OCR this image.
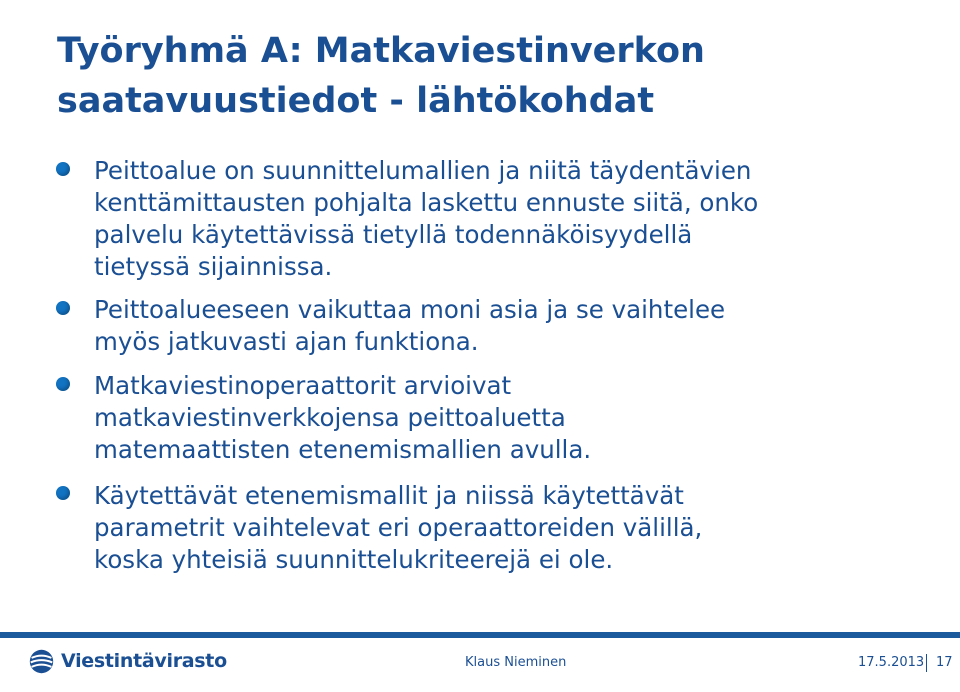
Työryhmä A: Matkaviestinverkon
saatavuustiedot - lähtökohdat
Peittoalue on suunnittelumallien ja niitä täydentävien
kenttämittausten pohjalta laskettu ennuste siitä, onko
palvelu käytettävissä tietyllä todennäköisyydellä
tietyssä sijainnissa.
Peittoalueeseen vaikuttaa moni asia ja se vaihtelee
myös jatkuvasti ajan funktiona.
Matkaviestinoperaattorit arvioivat
matkaviestinverkkojensa peittoaluetta
matemaattisten etenemismallien avulla.
Käytettävät etenemismallit ja niissä käytettävät
parametrit vaihtelevat eri operaattoreiden välillä,
koska yhteisiä suunnittelukriteerejä ei ole.
Viestintävirasto	Klaus Nieminen	17.5.2013 17
